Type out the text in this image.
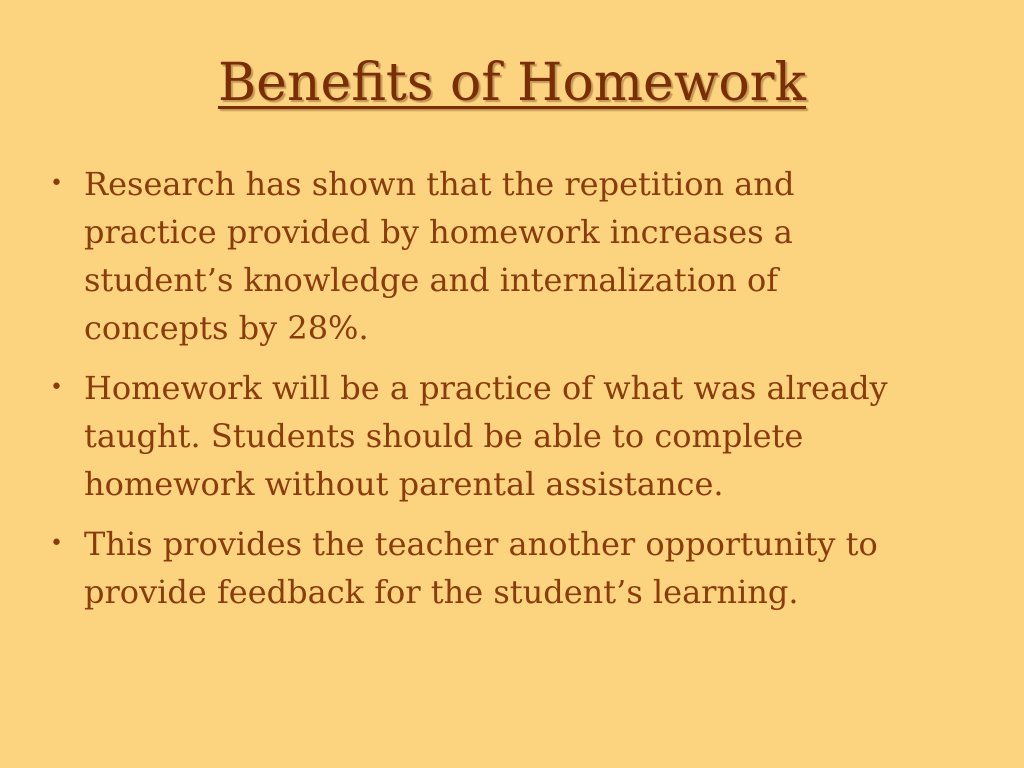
Benefits of Homework
• Research has shown that the repetition and practice provided by homework increases a student’s knowledge and internalization of concepts by 28%.
• Homework will be a practice of what was already taught. Students should be able to complete homework without parental assistance.
• This provides the teacher another opportunity to provide feedback for the student’s learning.
